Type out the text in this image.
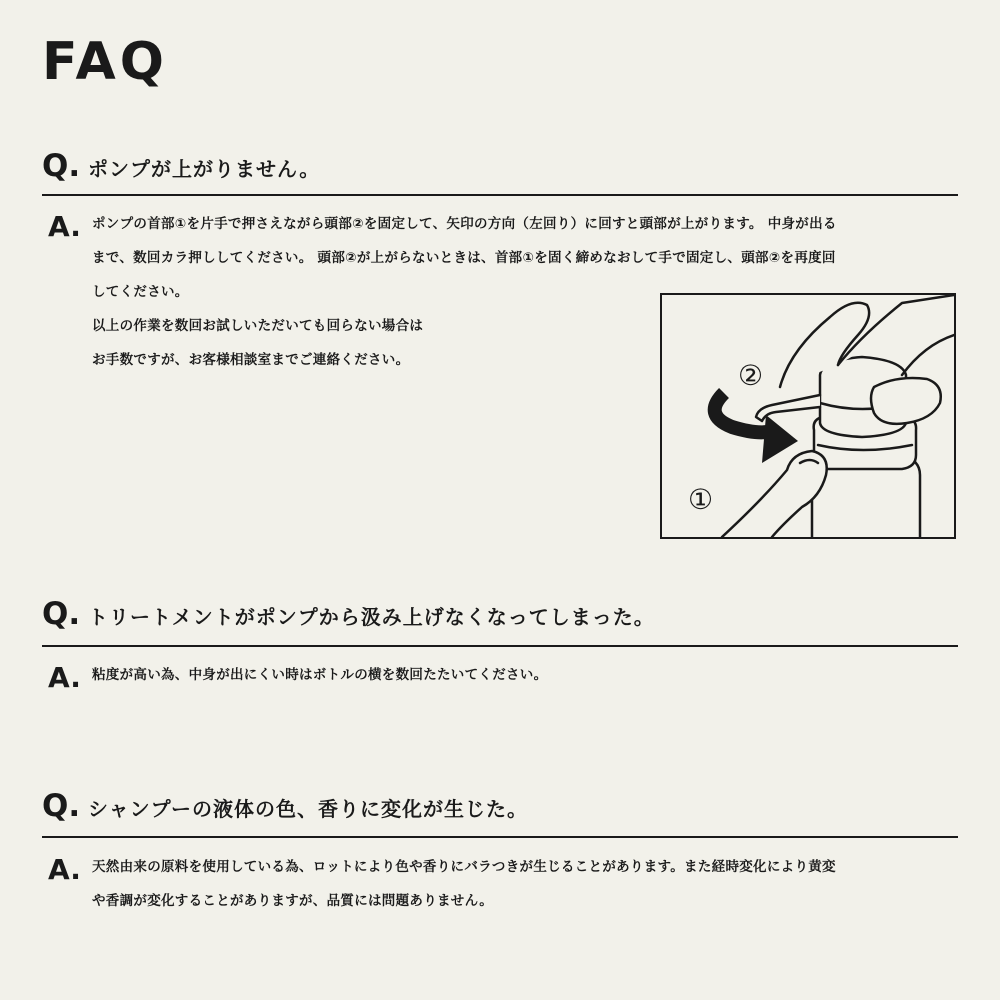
FAQ
Q. ポンプが上がりません。
A. ポンプの首部①を片手で押さえながら頭部②を固定して、矢印の方向（左回り）に回すと頭部が上がります。 中身が出る
まで、数回カラ押ししてください。 頭部②が上がらないときは、首部①を固く締めなおして手で固定し、頭部②を再度回
してください。
以上の作業を数回お試しいただいても回らない場合は
お手数ですが、お客様相談室までご連絡ください。	②
①
Q. トリートメントがポンプから汲み上げなくなってしまった。
A. 粘度が高い為、中身が出にくい時はボトルの横を数回たたいてください。
Q. シャンプーの液体の色、香りに変化が生じた。
A. 天然由来の原料を使用している為、ロットにより色や香りにバラつきが生じることがあります。また経時変化により黄変
や香調が変化することがありますが、品質には問題ありません。
